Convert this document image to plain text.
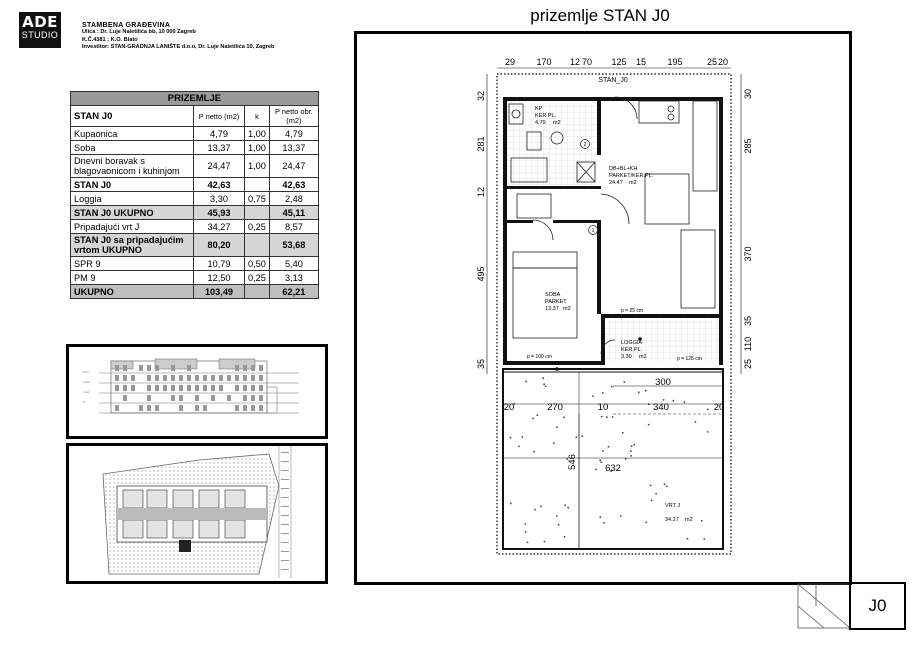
ADE
STUDIO
STAMBENA GRAĐEVINA
Ulica : Dr. Luje Naletilića bb, 10 000 Zagreb
K.Č.4381 ; K.O. Blato
Investitor: STAN-GRADNJA LANIŠTE d.o.o, Dr. Luje Naletilića 10, Zagreb
prizemlje STAN J0
PRIZEMLJE			
STAN J0	P netto (m2)	k	P netto obr. (m2)
Kupaonica	4,79	1,00	4,79
Soba	13,37	1,00	13,37
Dnevni boravak s blagovaonicom i kuhinjom	24,47	1,00	24,47
STAN J0	42,63		42,63
Loggia	3,30	0,75	2,48
STAN J0 UKUPNO	45,93		45,11
Pripadajući vrt J	34,27	0,25	8,57
STAN J0 sa pripadajućim vrtom UKUPNO	80,20		53,68
SPR 9	10,79	0,50	5,40
PM 9	12,50	0,25	3,13
UKUPNO	103,49		62,21
Krov
2.kat
1.kat
Pr
2
1
STAN_J0
KP
KER.PL.
4.79 m2
DB+BL+KH
PARKET/KER.PL.
24.47 m2
SOBA
PARKET
13.37 m2
LOGGIA
KER.PL.
3.30 m2
VRT J
34.27 m2
p = 25 cm
p = 100 cm	p = 125 cm
29 170 12 70 125 15 195	25 20
32
281
12
495
35
30
285
370
35
110
25
300
20	270	10	340	20
546	632
J0
